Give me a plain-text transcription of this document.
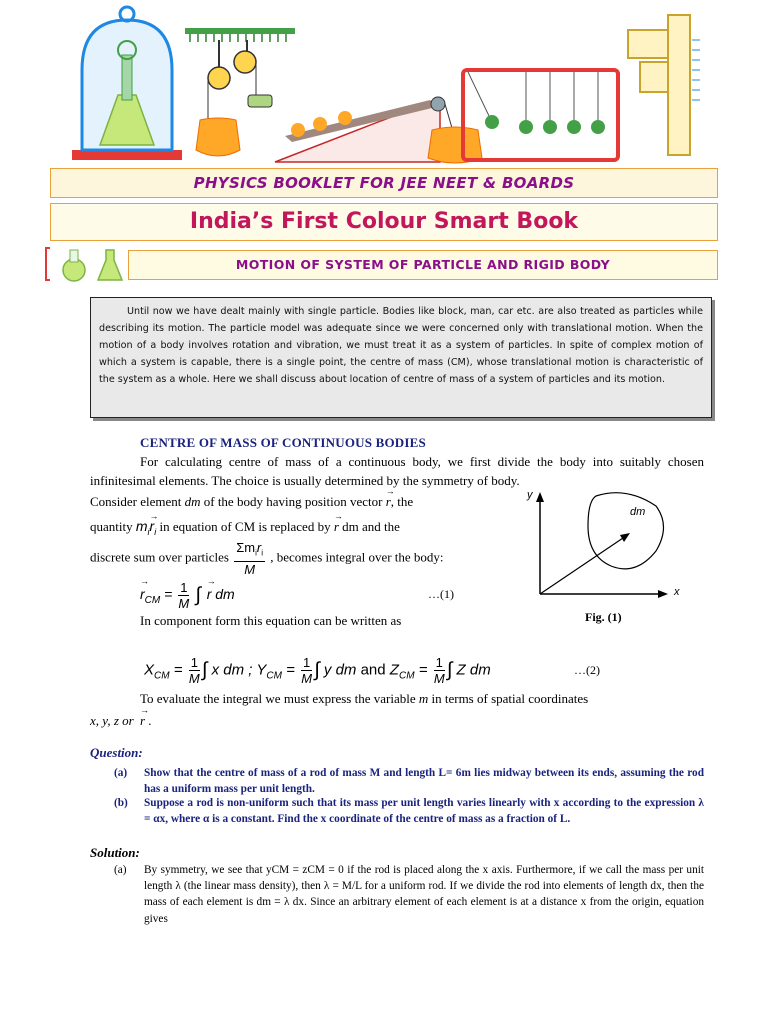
PHYSICS BOOKLET FOR JEE NEET & BOARDS
India’s First Colour Smart Book
MOTION OF SYSTEM OF PARTICLE AND RIGID BODY

Until now we have dealt mainly with single particle. Bodies like block, man, car etc. are also treated as particles while describing its motion. The particle model was adequate since we were concerned only with translational motion. When the motion of a body involves rotation and vibration, we must treat it as a system of particles. In spite of complex motion of which a system is capable, there is a single point, the centre of mass (CM), whose translational motion is characteristic of the system as a whole. Here we shall discuss about location of centre of mass of a system of particles and its motion.

CENTRE OF MASS OF CONTINUOUS BODIES
For calculating centre of mass of a continuous body, we first divide the body into suitably chosen infinitesimal elements. The choice is usually determined by the symmetry of body.
Consider element dm of the body having position vector → r, the
quantity $m_i\to r_i$ in equation of CM is replaced by → r dm and the
discrete sum over particles $\frac{\Sigma m_ir_i}{M}$ , becomes integral over the body:
→ $r_{CM} = \frac{1}{M}$ ∫ → r dm	…(1)
In component form this equation can be written as
$X_{CM} = \frac{1}{M}$ ∫ x dm ; $Y_{CM} = \frac{1}{M}$ ∫ y dm and $Z_{CM} = \frac{1}{M}$ ∫ Z dm	…(2)
To evaluate the integral we must express the variable m in terms of spatial coordinates
x, y, z or → r .
y
x
dm
Fig. (1)
Question:
(a) Show that the centre of mass of a rod of mass M and length L= 6m lies midway between its ends, assuming the rod has a uniform mass per unit length.
(b) Suppose a rod is non-uniform such that its mass per unit length varies linearly with x according to the expression λ = αx, where α is a constant. Find the x coordinate of the centre of mass as a fraction of L.
Solution:
(a) By symmetry, we see that yCM = zCM = 0 if the rod is placed along the x axis. Furthermore, if we call the mass per unit length λ (the linear mass density), then λ = M/L for a uniform rod. If we divide the rod into elements of length dx, then the mass of each element is dm = λ dx. Since an arbitrary element of each element is at a distance x from the origin, equation gives
